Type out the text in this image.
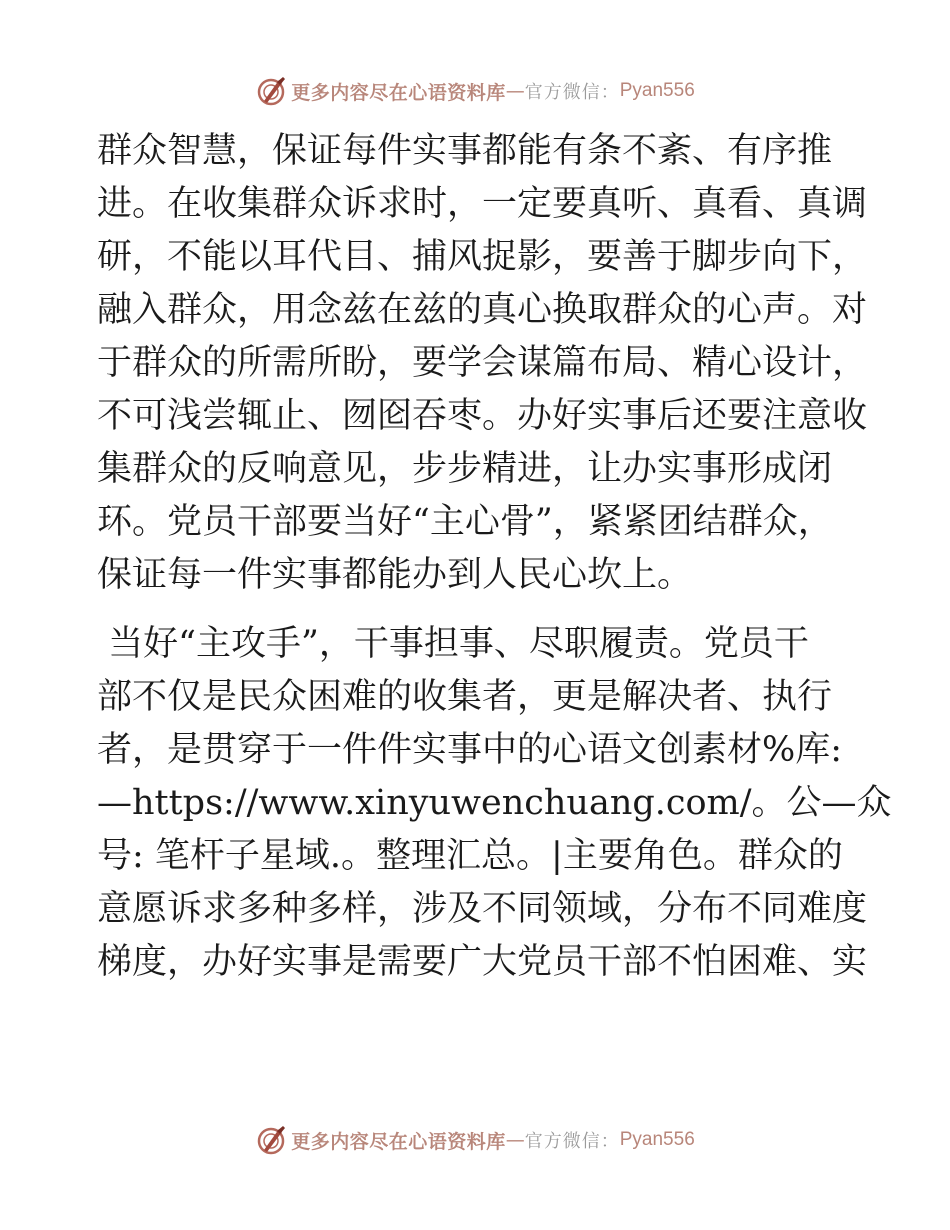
更多内容尽在心语资料库 — 官方微信： Pyan556
群众智慧，保证每件实事都能有条不紊、有序推
进。在收集群众诉求时，一定要真听、真看、真调
研，不能以耳代目、捕风捉影，要善于脚步向下，
融入群众，用念兹在兹的真心换取群众的心声。对
于群众的所需所盼，要学会谋篇布局、精心设计，
不可浅尝辄止、囫囵吞枣。办好实事后还要注意收
集群众的反响意见，步步精进，让办实事形成闭
环。党员干部要当好“主心骨”，紧紧团结群众，
保证每一件实事都能办到人民心坎上。
当好“主攻手”，干事担事、尽职履责。党员干
部不仅是民众困难的收集者，更是解决者、执行
者，是贯穿于一件件实事中的心语文创素材%库:
—https://www.xinyuwenchuang.com/。公—众
号: 笔杆子星域.。整理汇总。|主要角色。群众的
意愿诉求多种多样，涉及不同领域，分布不同难度
梯度，办好实事是需要广大党员干部不怕困难、实
更多内容尽在心语资料库 — 官方微信： Pyan556
